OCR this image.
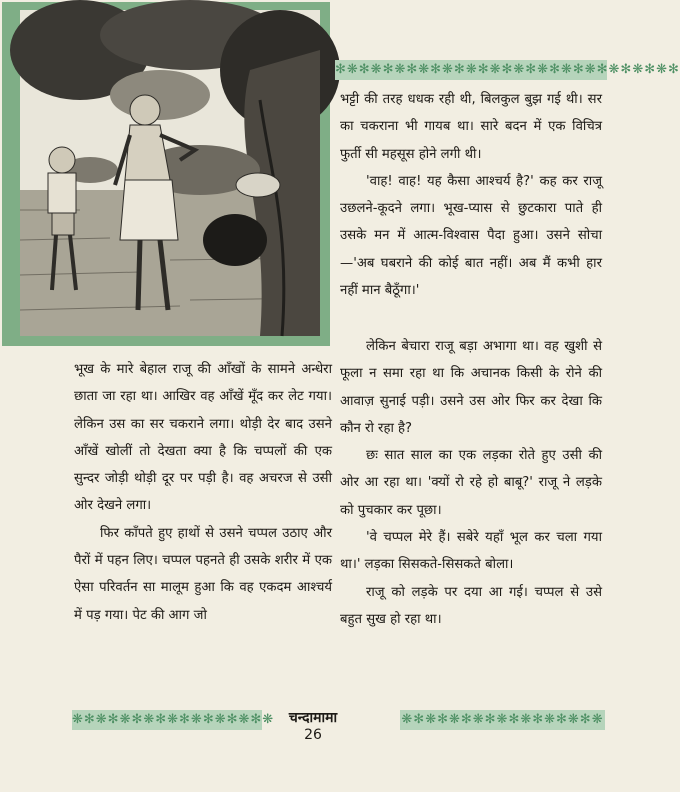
✻❋✻❋✻❋✻❋✻❋✻❋✻❋✻❋✻❋✻❋✻❋✻❋✻❋✻❋✻

भट्टी की तरह धधक रही थी, बिलकुल बुझ गई थी। सर का चकराना भी गायब था। सारे बदन में एक विचित्र फुर्ती सी महसूस होने लगी थी।

'वाह! वाह! यह कैसा आश्चर्य है?' कह कर राजू उछलने-कूदने लगा। भूख-प्यास से छुटकारा पाते ही उसके मन में आत्म-विश्वास पैदा हुआ। उसने सोचा—'अब घबराने की कोई बात नहीं। अब मैं कभी हार नहीं मान बैठूँगा।'

भूख के मारे बेहाल राजू की आँखों के सामने अन्धेरा छाता जा रहा था। आखिर वह आँखें मूँद कर लेट गया। लेकिन उस का सर चकराने लगा। थोड़ी देर बाद उसने आँखें खोलीं तो देखता क्या है कि चप्पलों की एक सुन्दर जोड़ी थोड़ी दूर पर पड़ी है। वह अचरज से उसी ओर देखने लगा।

फिर काँपते हुए हाथों से उसने चप्पल उठाए और पैरों में पहन लिए। चप्पल पहनते ही उसके शरीर में एक ऐसा परिवर्तन सा मालूम हुआ कि वह एकदम आश्चर्य में पड़ गया। पेट की आग जो

लेकिन बेचारा राजू बड़ा अभागा था। वह खुशी से फूला न समा रहा था कि अचानक किसी के रोने की आवाज़ सुनाई पड़ी। उसने उस ओर फिर कर देखा कि कौन रो रहा है?

छः सात साल का एक लड़का रोते हुए उसी की ओर आ रहा था। 'क्यों रो रहे हो बाबू?' राजू ने लड़के को पुचकार कर पूछा।

'वे चप्पल मेरे हैं। सबेरे यहाँ भूल कर चला गया था।' लड़का सिसकते-सिसकते बोला।

राजू को लड़के पर दया आ गई। चप्पल से उसे बहुत सुख हो रहा था।

❋✻❋✻❋✻❋✻❋✻❋✻❋✻❋✻❋	❋✻❋✻❋✻❋✻❋✻❋✻❋✻❋✻❋
चन्दामामा
26
